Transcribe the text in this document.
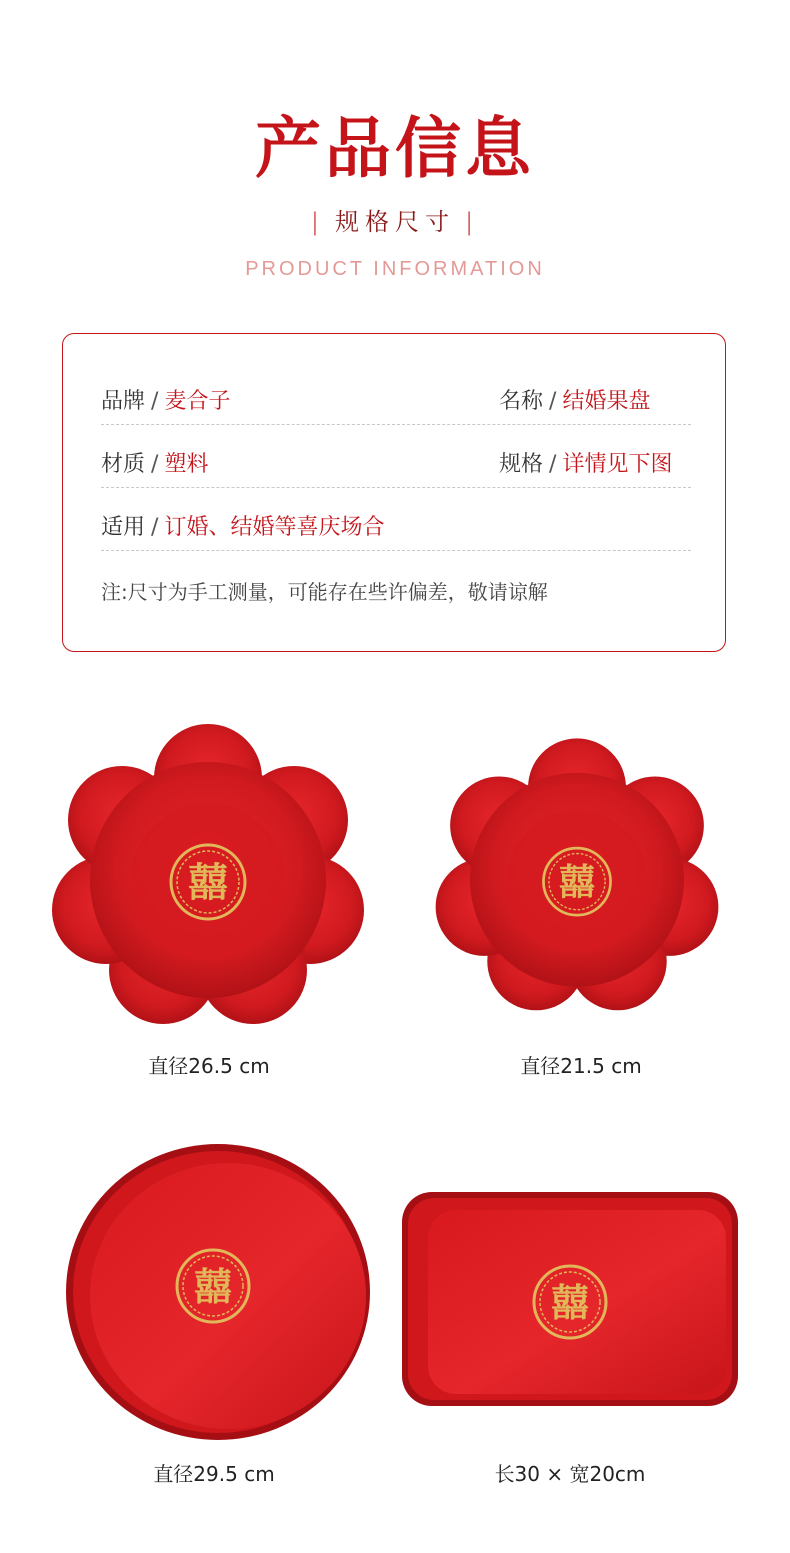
产品信息
| 规格尺寸 |
PRODUCT INFORMATION
品牌 / 麦合子	名称 / 结婚果盘
材质 / 塑料	规格 / 详情见下图
适用 / 订婚、结婚等喜庆场合
注:尺寸为手工测量，可能存在些许偏差，敬请谅解
囍	囍
直径26.5 cm	直径21.5 cm
囍	囍
直径29.5 cm	长30 × 宽20cm
